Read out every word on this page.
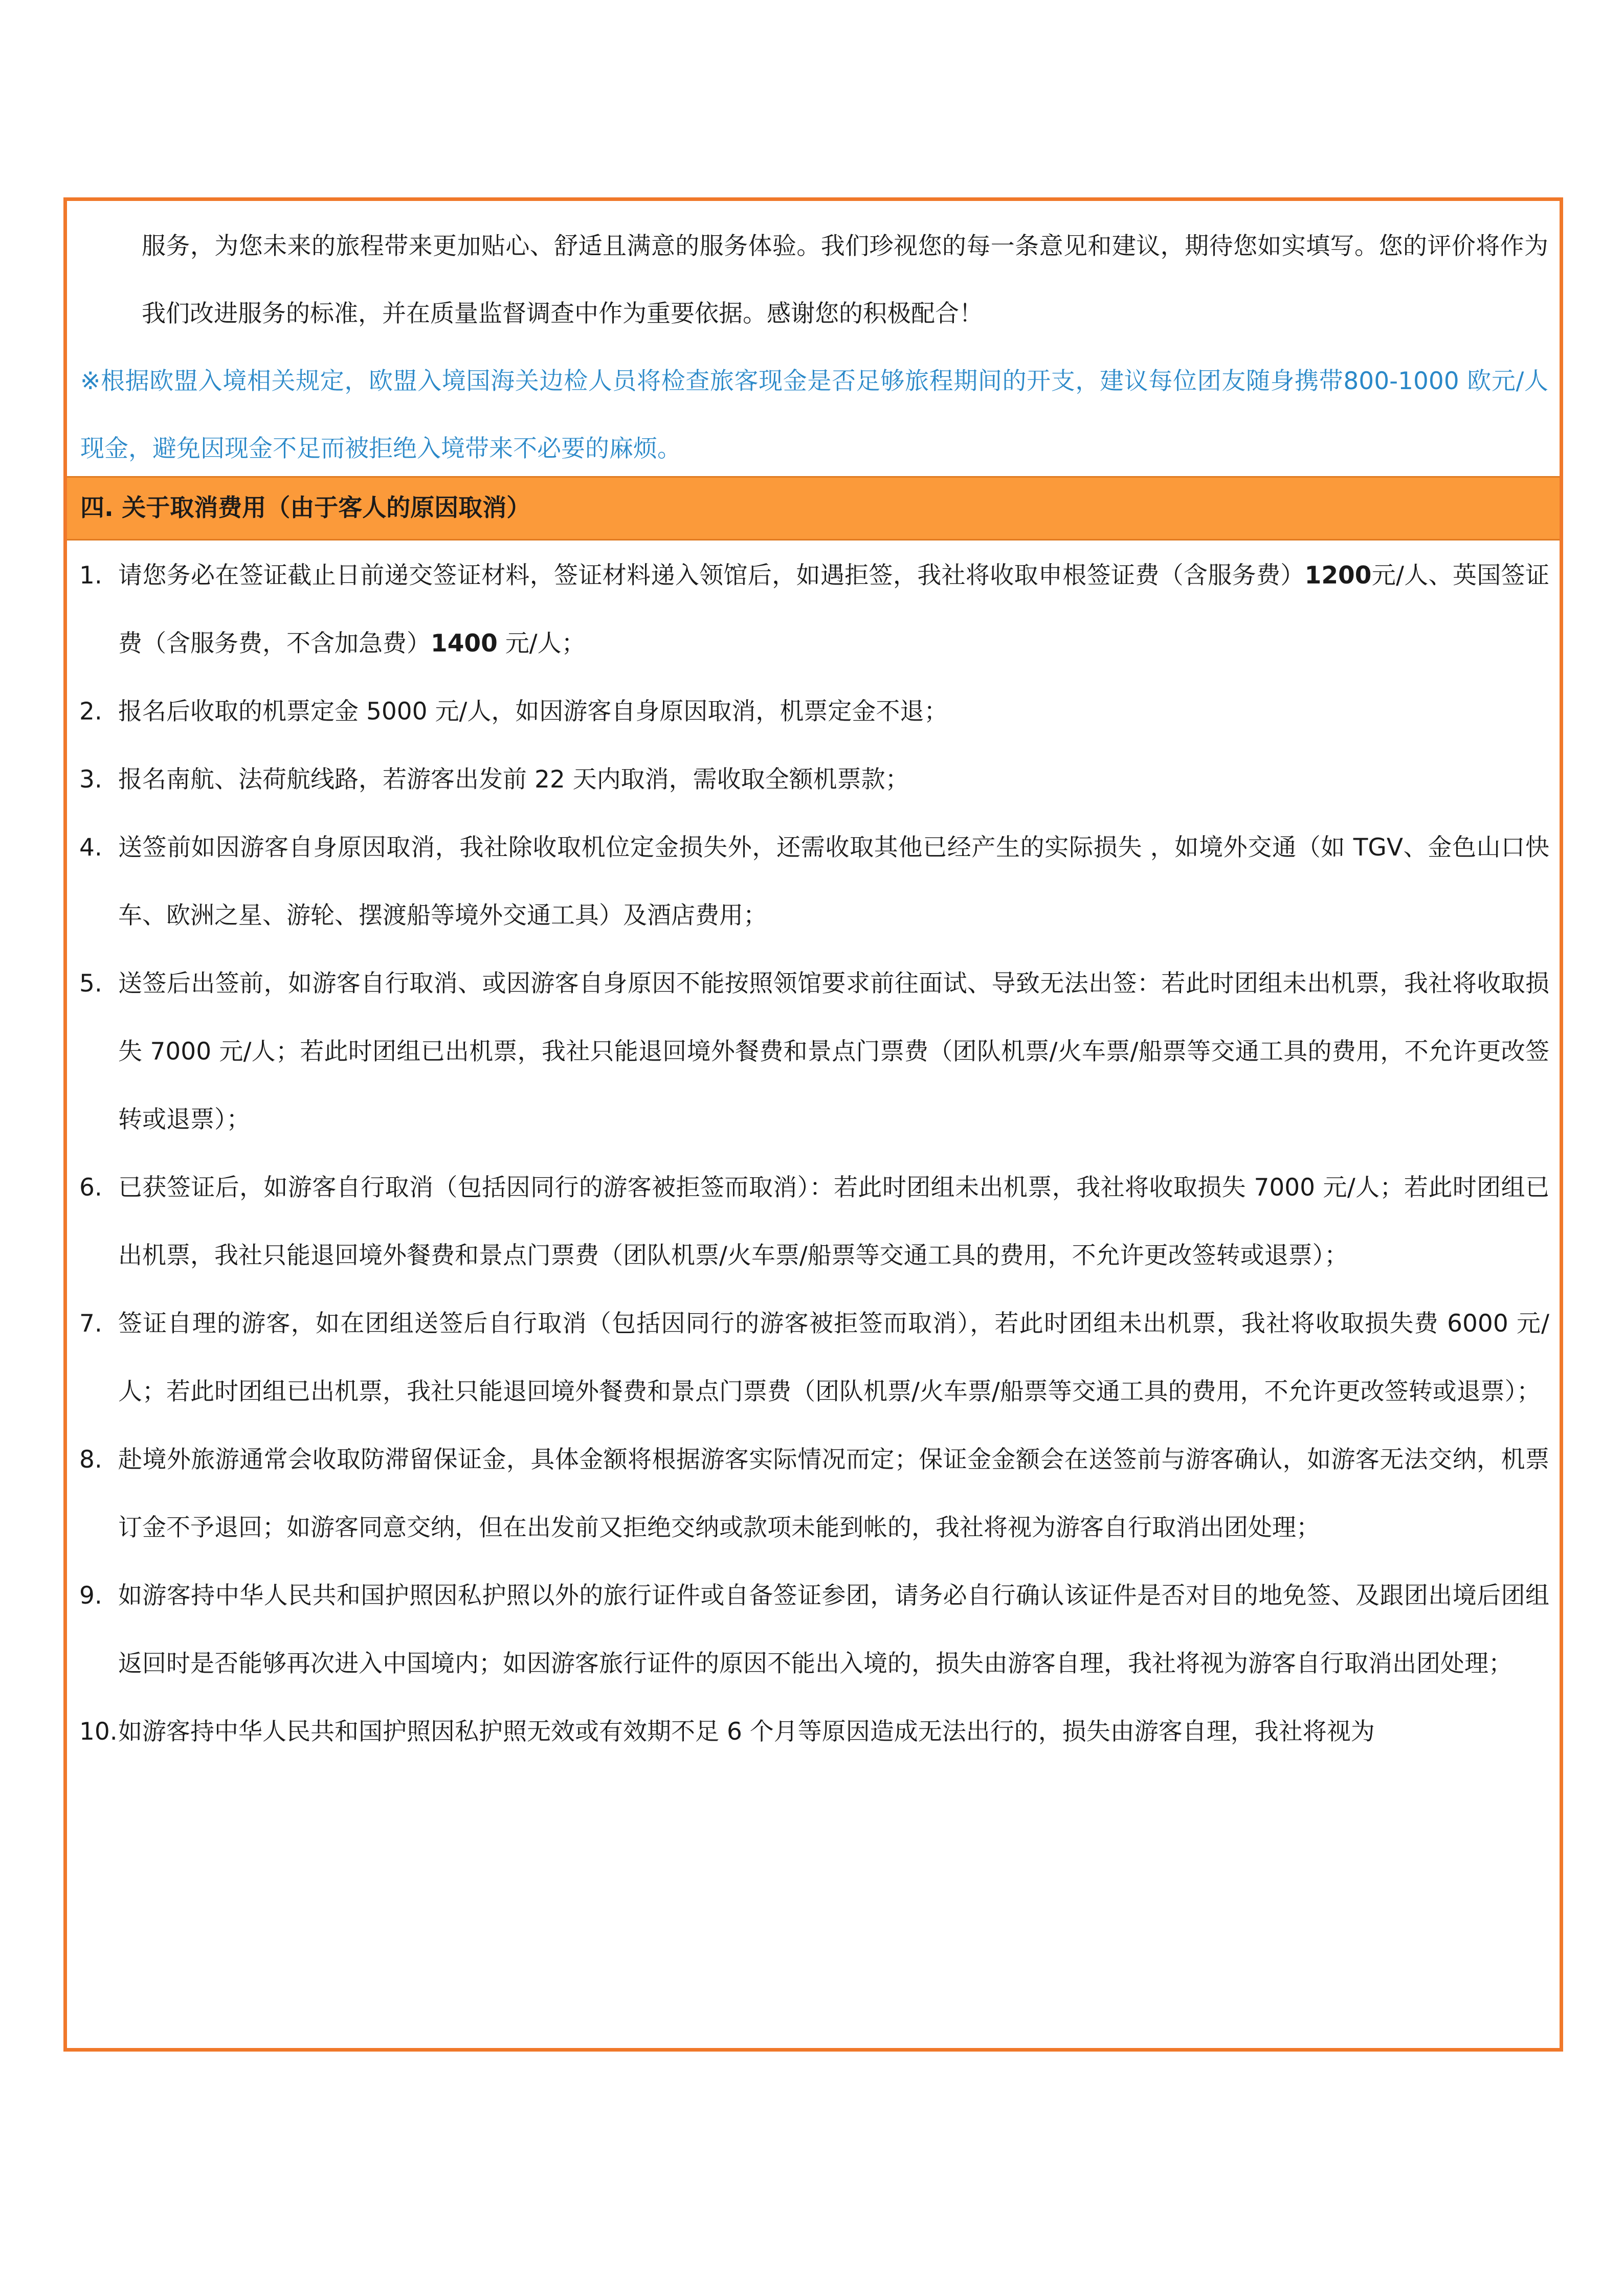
服务，为您未来的旅程带来更加贴心、舒适且满意的服务体验。我们珍视您的每一条意见和建议，期待您如实填写。您的评价将作为我们改进服务的标准，并在质量监督调查中作为重要依据。感谢您的积极配合！
※根据欧盟入境相关规定，欧盟入境国海关边检人员将检查旅客现金是否足够旅程期间的开支，建议每位团友随身携带800-1000 欧元/人现金，避免因现金不足而被拒绝入境带来不必要的麻烦。
四. 关于取消费用（由于客人的原因取消）
1. 请您务必在签证截止日前递交签证材料，签证材料递入领馆后，如遇拒签，我社将收取申根签证费（含服务费）1200元/人、英国签证费（含服务费，不含加急费）1400 元/人；
2. 报名后收取的机票定金 5000 元/人，如因游客自身原因取消，机票定金不退；
3. 报名南航、法荷航线路，若游客出发前 22 天内取消，需收取全额机票款；
4. 送签前如因游客自身原因取消，我社除收取机位定金损失外，还需收取其他已经产生的实际损失 ，如境外交通（如 TGV、金色山口快车、欧洲之星、游轮、摆渡船等境外交通工具）及酒店费用；
5. 送签后出签前，如游客自行取消、或因游客自身原因不能按照领馆要求前往面试、导致无法出签：若此时团组未出机票，我社将收取损失 7000 元/人；若此时团组已出机票，我社只能退回境外餐费和景点门票费（团队机票/火车票/船票等交通工具的费用，不允许更改签转或退票）；
6. 已获签证后，如游客自行取消（包括因同行的游客被拒签而取消）：若此时团组未出机票，我社将收取损失 7000 元/人；若此时团组已出机票，我社只能退回境外餐费和景点门票费（团队机票/火车票/船票等交通工具的费用，不允许更改签转或退票）；
7. 签证自理的游客，如在团组送签后自行取消（包括因同行的游客被拒签而取消），若此时团组未出机票，我社将收取损失费 6000 元/人；若此时团组已出机票，我社只能退回境外餐费和景点门票费（团队机票/火车票/船票等交通工具的费用，不允许更改签转或退票）；
8. 赴境外旅游通常会收取防滞留保证金，具体金额将根据游客实际情况而定；保证金金额会在送签前与游客确认，如游客无法交纳，机票订金不予退回；如游客同意交纳，但在出发前又拒绝交纳或款项未能到帐的，我社将视为游客自行取消出团处理；
9. 如游客持中华人民共和国护照因私护照以外的旅行证件或自备签证参团，请务必自行确认该证件是否对目的地免签、及跟团出境后团组返回时是否能够再次进入中国境内；如因游客旅行证件的原因不能出入境的，损失由游客自理，我社将视为游客自行取消出团处理；
10. 如游客持中华人民共和国护照因私护照无效或有效期不足 6 个月等原因造成无法出行的，损失由游客自理，我社将视为
